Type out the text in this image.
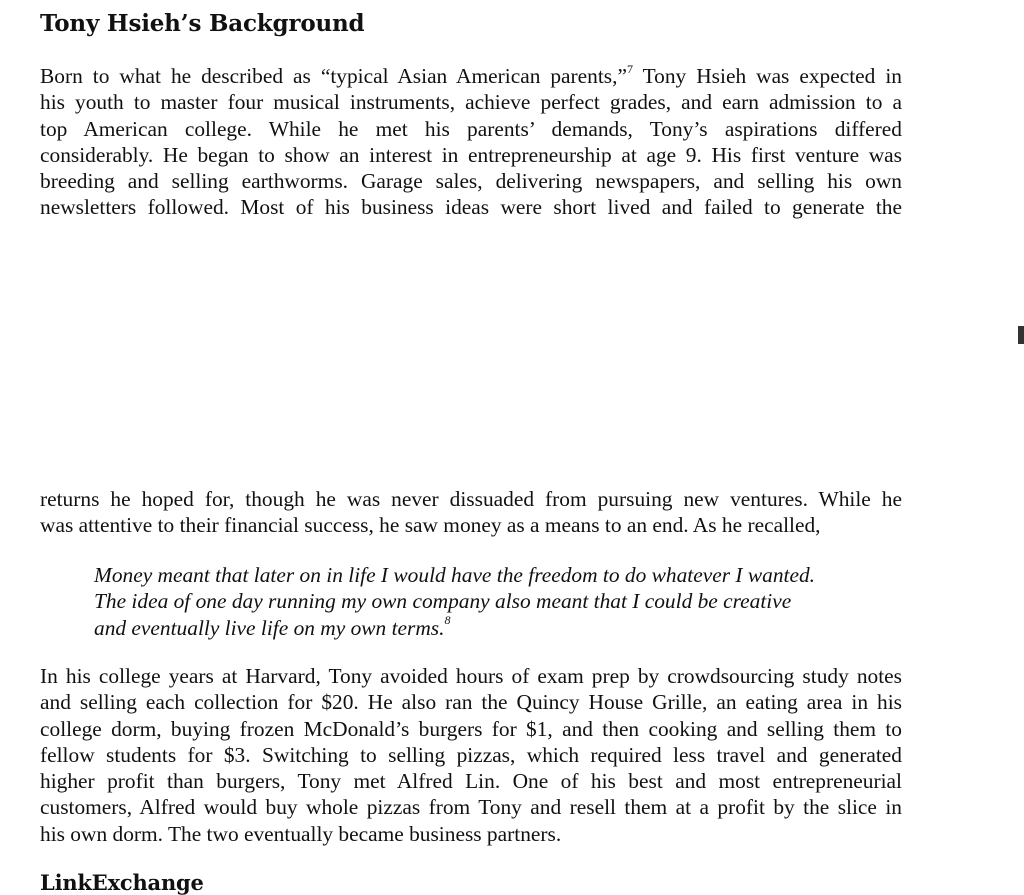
Tony Hsieh’s Background

Born to what he described as “typical Asian American parents,”$^7$ Tony Hsieh was expected in
his youth to master four musical instruments, achieve perfect grades, and earn admission to a
top American college. While he met his parents’ demands, Tony’s aspirations differed
considerably. He began to show an interest in entrepreneurship at age 9. His first venture was
breeding and selling earthworms. Garage sales, delivering newspapers, and selling his own
newsletters followed. Most of his business ideas were short lived and failed to generate the

returns he hoped for, though he was never dissuaded from pursuing new ventures. While he
was attentive to their financial success, he saw money as a means to an end. As he recalled,

Money meant that later on in life I would have the freedom to do whatever I wanted.
The idea of one day running my own company also meant that I could be creative
and eventually live life on my own terms.$^8$

In his college years at Harvard, Tony avoided hours of exam prep by crowdsourcing study notes
and selling each collection for $20. He also ran the Quincy House Grille, an eating area in his
college dorm, buying frozen McDonald’s burgers for $1, and then cooking and selling them to
fellow students for $3. Switching to selling pizzas, which required less travel and generated
higher profit than burgers, Tony met Alfred Lin. One of his best and most entrepreneurial
customers, Alfred would buy whole pizzas from Tony and resell them at a profit by the slice in
his own dorm. The two eventually became business partners.

LinkExchange
